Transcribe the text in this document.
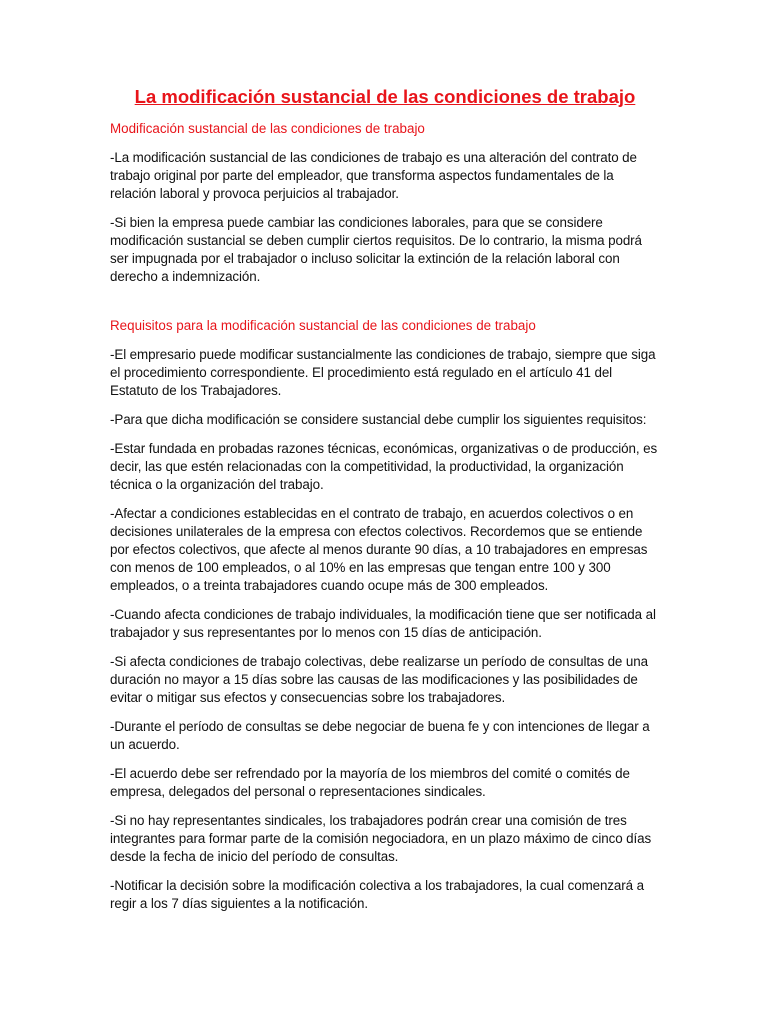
La modificación sustancial de las condiciones de trabajo

Modificación sustancial de las condiciones de trabajo

-La modificación sustancial de las condiciones de trabajo es una alteración del contrato de trabajo original por parte del empleador, que transforma aspectos fundamentales de la relación laboral y provoca perjuicios al trabajador.

-Si bien la empresa puede cambiar las condiciones laborales, para que se considere modificación sustancial se deben cumplir ciertos requisitos. De lo contrario, la misma podrá ser impugnada por el trabajador o incluso solicitar la extinción de la relación laboral con derecho a indemnización.

Requisitos para la modificación sustancial de las condiciones de trabajo

-El empresario puede modificar sustancialmente las condiciones de trabajo, siempre que siga el procedimiento correspondiente. El procedimiento está regulado en el artículo 41 del Estatuto de los Trabajadores.

-Para que dicha modificación se considere sustancial debe cumplir los siguientes requisitos:

-Estar fundada en probadas razones técnicas, económicas, organizativas o de producción, es decir, las que estén relacionadas con la competitividad, la productividad, la organización técnica o la organización del trabajo.

-Afectar a condiciones establecidas en el contrato de trabajo, en acuerdos colectivos o en decisiones unilaterales de la empresa con efectos colectivos. Recordemos que se entiende por efectos colectivos, que afecte al menos durante 90 días, a 10 trabajadores en empresas con menos de 100 empleados, o al 10% en las empresas que tengan entre 100 y 300 empleados, o a treinta trabajadores cuando ocupe más de 300 empleados.

-Cuando afecta condiciones de trabajo individuales, la modificación tiene que ser notificada al trabajador y sus representantes por lo menos con 15 días de anticipación.

-Si afecta condiciones de trabajo colectivas, debe realizarse un período de consultas de una duración no mayor a 15 días sobre las causas de las modificaciones y las posibilidades de evitar o mitigar sus efectos y consecuencias sobre los trabajadores.

-Durante el período de consultas se debe negociar de buena fe y con intenciones de llegar a un acuerdo.

-El acuerdo debe ser refrendado por la mayoría de los miembros del comité o comités de empresa, delegados del personal o representaciones sindicales.

-Si no hay representantes sindicales, los trabajadores podrán crear una comisión de tres integrantes para formar parte de la comisión negociadora, en un plazo máximo de cinco días desde la fecha de inicio del período de consultas.

-Notificar la decisión sobre la modificación colectiva a los trabajadores, la cual comenzará a regir a los 7 días siguientes a la notificación.
